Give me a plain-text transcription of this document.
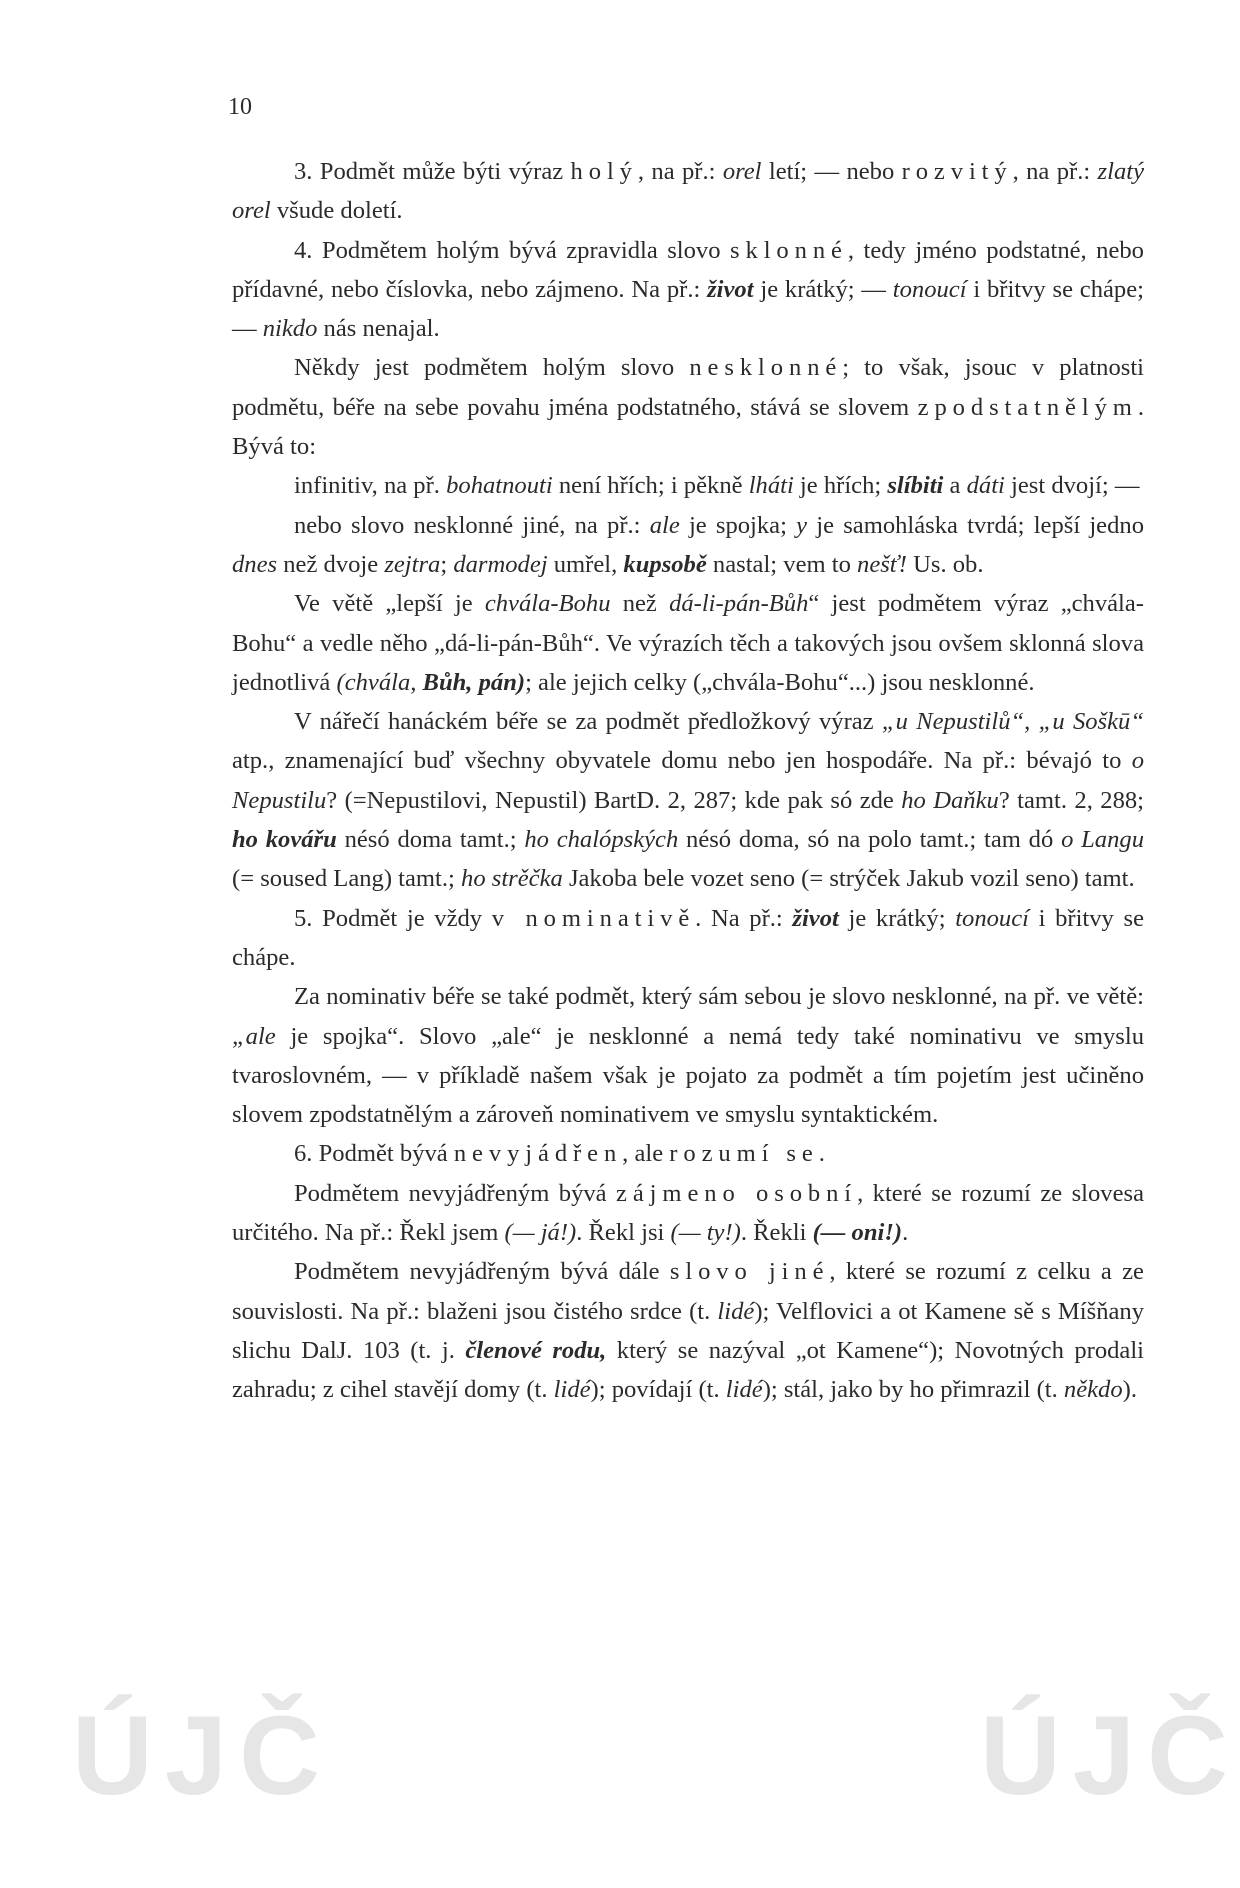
10

3. Podmět může býti výraz holý, na př.: orel letí; — nebo rozvitý, na př.: zlatý orel všude doletí.

4. Podmětem holým bývá zpravidla slovo sklonné, tedy jméno podstatné, nebo přídavné, nebo číslovka, nebo zájmeno. Na př.: život je krátký; — tonoucí i břitvy se chápe; — nikdo nás nenajal.

Někdy jest podmětem holým slovo nesklonné; to však, jsouc v platnosti podmětu, béře na sebe povahu jména podstatného, stává se slovem zpodstatnělým. Bývá to:

infinitiv, na př. bohatnouti není hřích; i pěkně lháti je hřích; slíbiti a dáti jest dvojí; —

nebo slovo nesklonné jiné, na př.: ale je spojka; y je samohláska tvrdá; lepší jedno dnes než dvoje zejtra; darmodej umřel, kupsobě nastal; vem to nešť! Us. ob.

Ve větě „lepší je chvála-Bohu než dá-li-pán-Bůh“ jest podmětem výraz „chvála-Bohu“ a vedle něho „dá-li-pán-Bůh“. Ve výrazích těch a takových jsou ovšem sklonná slova jednotlivá (chvála, Bůh, pán); ale jejich celky („chvála-Bohu“...) jsou nesklonné.

V nářečí hanáckém béře se za podmět předložkový výraz „u Nepustilů“, „u Soškū“ atp., znamenající buď všechny obyvatele domu nebo jen hospodáře. Na př.: bévajó to o Nepustilu? (=Nepustilovi, Nepustil) BartD. 2, 287; kde pak só zde ho Daňku? tamt. 2, 288; ho kovářu nésó doma tamt.; ho chalópských nésó doma, só na polo tamt.; tam dó o Langu (= soused Lang) tamt.; ho strěčka Jakoba bele vozet seno (= strýček Jakub vozil seno) tamt.

5. Podmět je vždy v nominativě. Na př.: život je krátký; tonoucí i břitvy se chápe.

Za nominativ béře se také podmět, který sám sebou je slovo nesklonné, na př. ve větě: „ale je spojka“. Slovo „ale“ je nesklonné a nemá tedy také nominativu ve smyslu tvaroslovném, — v příkladě našem však je pojato za podmět a tím pojetím jest učiněno slovem zpodstatnělým a zároveň nominativem ve smyslu syntaktickém.

6. Podmět bývá nevyjádřen, ale rozumí se.

Podmětem nevyjádřeným bývá zájmeno osobní, které se rozumí ze slovesa určitého. Na př.: Řekl jsem (— já!). Řekl jsi (— ty!). Řekli (— oni!).

Podmětem nevyjádřeným bývá dále slovo jiné, které se rozumí z celku a ze souvislosti. Na př.: blaženi jsou čistého srdce (t. lidé); Velflovici a ot Kamene sě s Míšňany slichu DalJ. 103 (t. j. členové rodu, který se nazýval „ot Kamene“); Novotných prodali zahradu; z cihel stavějí domy (t. lidé); povídají (t. lidé); stál, jako by ho přimrazil (t. někdo).

ÚJČ	ÚJČ
